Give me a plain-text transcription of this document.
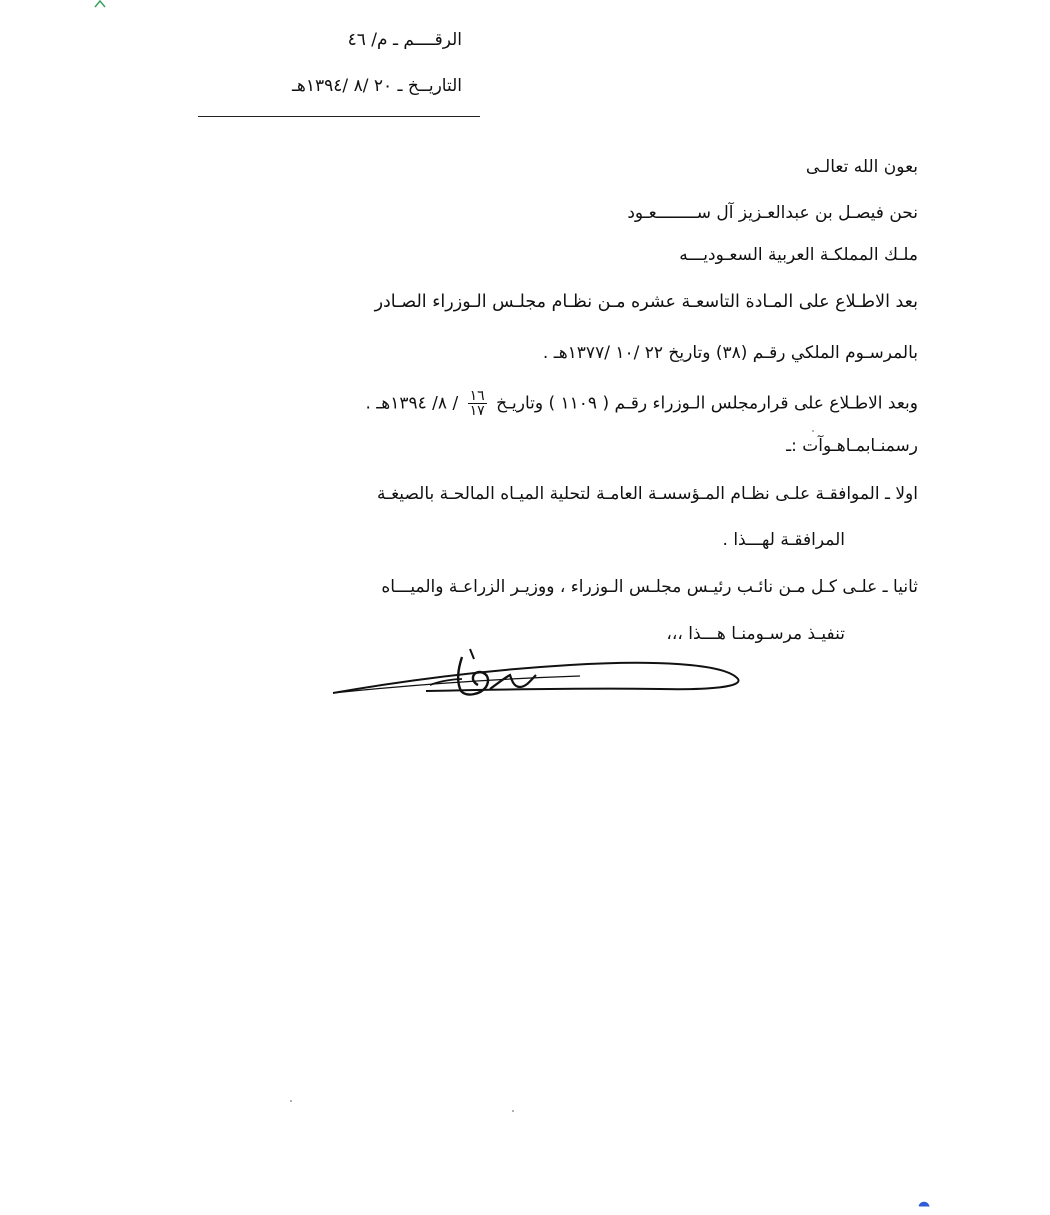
الرقــــم ـ م/ ٤٦
التاريــخ ـ ٢٠ /٨ /١٣٩٤هـ
بعون الله تعالـى
نحن فيصـل بن عبدالعـزيز آل ســــــــعـود
ملـك المملكـة العربية السعـوديـــه
بعد الاطـلاع على المـادة التاسعـة عشره مـن نظـام مجلـس الـوزراء الصـادر
بالمرسـوم الملكي رقـم (٣٨) وتاريخ ٢٢ /١٠ /١٣٧٧هـ .
وبعد الاطـلاع على قرارمجلس الـوزراء رقـم ( ١١٠٩ ) وتاريـخ
١٦
١٧
/ ٨/ ١٣٩٤هـ .
رسمنـابمـاهـوآت :ـ
اولا ـ الموافقـة علـى نظـام المـؤسسـة العامـة لتحلية الميـاه المالحـة بالصيغـة
المرافقـة لهـــذا .
ثانيا ـ علـى كـل مـن نائـب رئيـس مجلـس الـوزراء ، ووزيـر الزراعـة والميـــاه
تنفيـذ مرسـومنـا هـــذا ،،،
